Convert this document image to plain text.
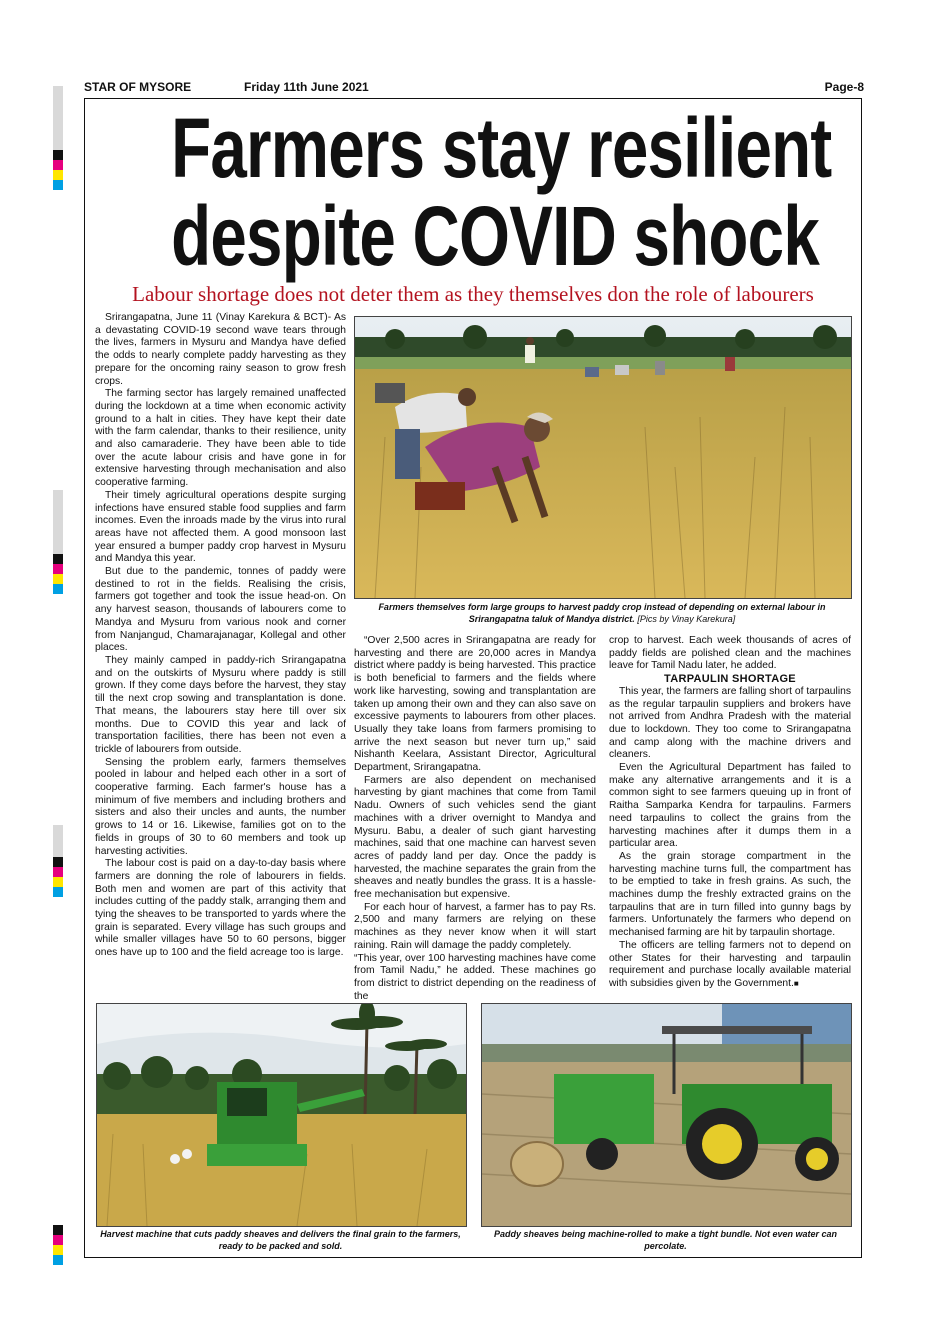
STAR OF MYSORE	Friday 11th June 2021	Page-8
Farmers stay resilient
despite COVID shock
Labour shortage does not deter them as they themselves don the role of labourers

Srirangapatna, June 11 (Vinay Karekura & BCT)- As a devastating COVID-19 second wave tears through the lives, farmers in Mysuru and Mandya have defied the odds to nearly complete paddy harvesting as they prepare for the oncoming rainy season to grow fresh crops.

The farming sector has largely remained unaffected during the lockdown at a time when economic activity ground to a halt in cities. They have kept their date with the farm calendar, thanks to their resilience, unity and also camaraderie. They have been able to tide over the acute labour crisis and have gone in for extensive harvesting through mechanisation and also cooperative farming.

Their timely agricultural operations despite surging infections have ensured stable food supplies and farm incomes. Even the inroads made by the virus into rural areas have not affected them. A good monsoon last year ensured a bumper paddy crop harvest in Mysuru and Mandya this year.

But due to the pandemic, tonnes of paddy were destined to rot in the fields. Realising the crisis, farmers got together and took the issue head-on. On any harvest season, thousands of labourers come to Mandya and Mysuru from various nook and corner from Nanjangud, Chamarajanagar, Kollegal and other places.

They mainly camped in paddy-rich Srirangapatna and on the outskirts of Mysuru where paddy is still grown. If they come days before the harvest, they stay till the next crop sowing and transplantation is done. That means, the labourers stay here till over six months. Due to COVID this year and lack of transportation facilities, there has been not even a trickle of labourers from outside.

Sensing the problem early, farmers themselves pooled in labour and helped each other in a sort of cooperative farming. Each farmer's house has a minimum of five members and including brothers and sisters and also their uncles and aunts, the number grows to 14 or 16. Likewise, families got on to the fields in groups of 30 to 60 members and took up harvesting activities.

The labour cost is paid on a day-to-day basis where farmers are donning the role of labourers in fields. Both men and women are part of this activity that includes cutting of the paddy stalk, arranging them and tying the sheaves to be transported to yards where the grain is separated. Every village has such groups and while smaller villages have 50 to 60 persons, bigger ones have up to 100 and the field acreage too is large.

Farmers themselves form large groups to harvest paddy crop instead of depending on external labour in Srirangapatna taluk of Mandya district. [Pics by Vinay Karekura]

“Over 2,500 acres in Srirangapatna are ready for harvesting and there are 20,000 acres in Mandya district where paddy is being harvested. This practice is both beneficial to farmers and the fields where work like harvesting, sowing and transplantation are taken up among their own and they can also save on excessive payments to labourers from other places. Usually they take loans from farmers promising to arrive the next season but never turn up,” said Nishanth Keelara, Assistant Director, Agricultural Department, Srirangapatna.

Farmers are also dependent on mechanised harvesting by giant machines that come from Tamil Nadu. Owners of such vehicles send the giant machines with a driver overnight to Mandya and Mysuru. Babu, a dealer of such giant harvesting machines, said that one machine can harvest seven acres of paddy land per day. Once the paddy is harvested, the machine separates the grain from the sheaves and neatly bundles the grass. It is a hassle-free mechanisation but expensive.

For each hour of harvest, a farmer has to pay Rs. 2,500 and many farmers are relying on these machines as they never know when it will start raining. Rain will damage the paddy completely.

“This year, over 100 harvesting machines have come from Tamil Nadu,” he added. These machines go from district to district depending on the readiness of the

crop to harvest. Each week thousands of acres of paddy fields are polished clean and the machines leave for Tamil Nadu later, he added.

TARPAULIN SHORTAGE

This year, the farmers are falling short of tarpaulins as the regular tarpaulin suppliers and brokers have not arrived from Andhra Pradesh with the material due to lockdown. They too come to Srirangapatna and camp along with the machine drivers and cleaners.

Even the Agricultural Department has failed to make any alternative arrangements and it is a common sight to see farmers queuing up in front of Raitha Samparka Kendra for tarpaulins. Farmers need tarpaulins to collect the grains from the harvesting machines after it dumps them in a particular area.

As the grain storage compartment in the harvesting machine turns full, the compartment has to be emptied to take in fresh grains. As such, the machines dump the freshly extracted grains on the tarpaulins that are in turn filled into gunny bags by farmers. Unfortunately the farmers who depend on mechanised farming are hit by tarpaulin shortage.

The officers are telling farmers not to depend on other States for their harvesting and tarpaulin requirement and purchase locally available material with subsidies given by the Government.■

Harvest machine that cuts paddy sheaves and delivers the final grain to the farmers, ready to be packed and sold.
Paddy sheaves being machine-rolled to make a tight bundle. Not even water can percolate.
